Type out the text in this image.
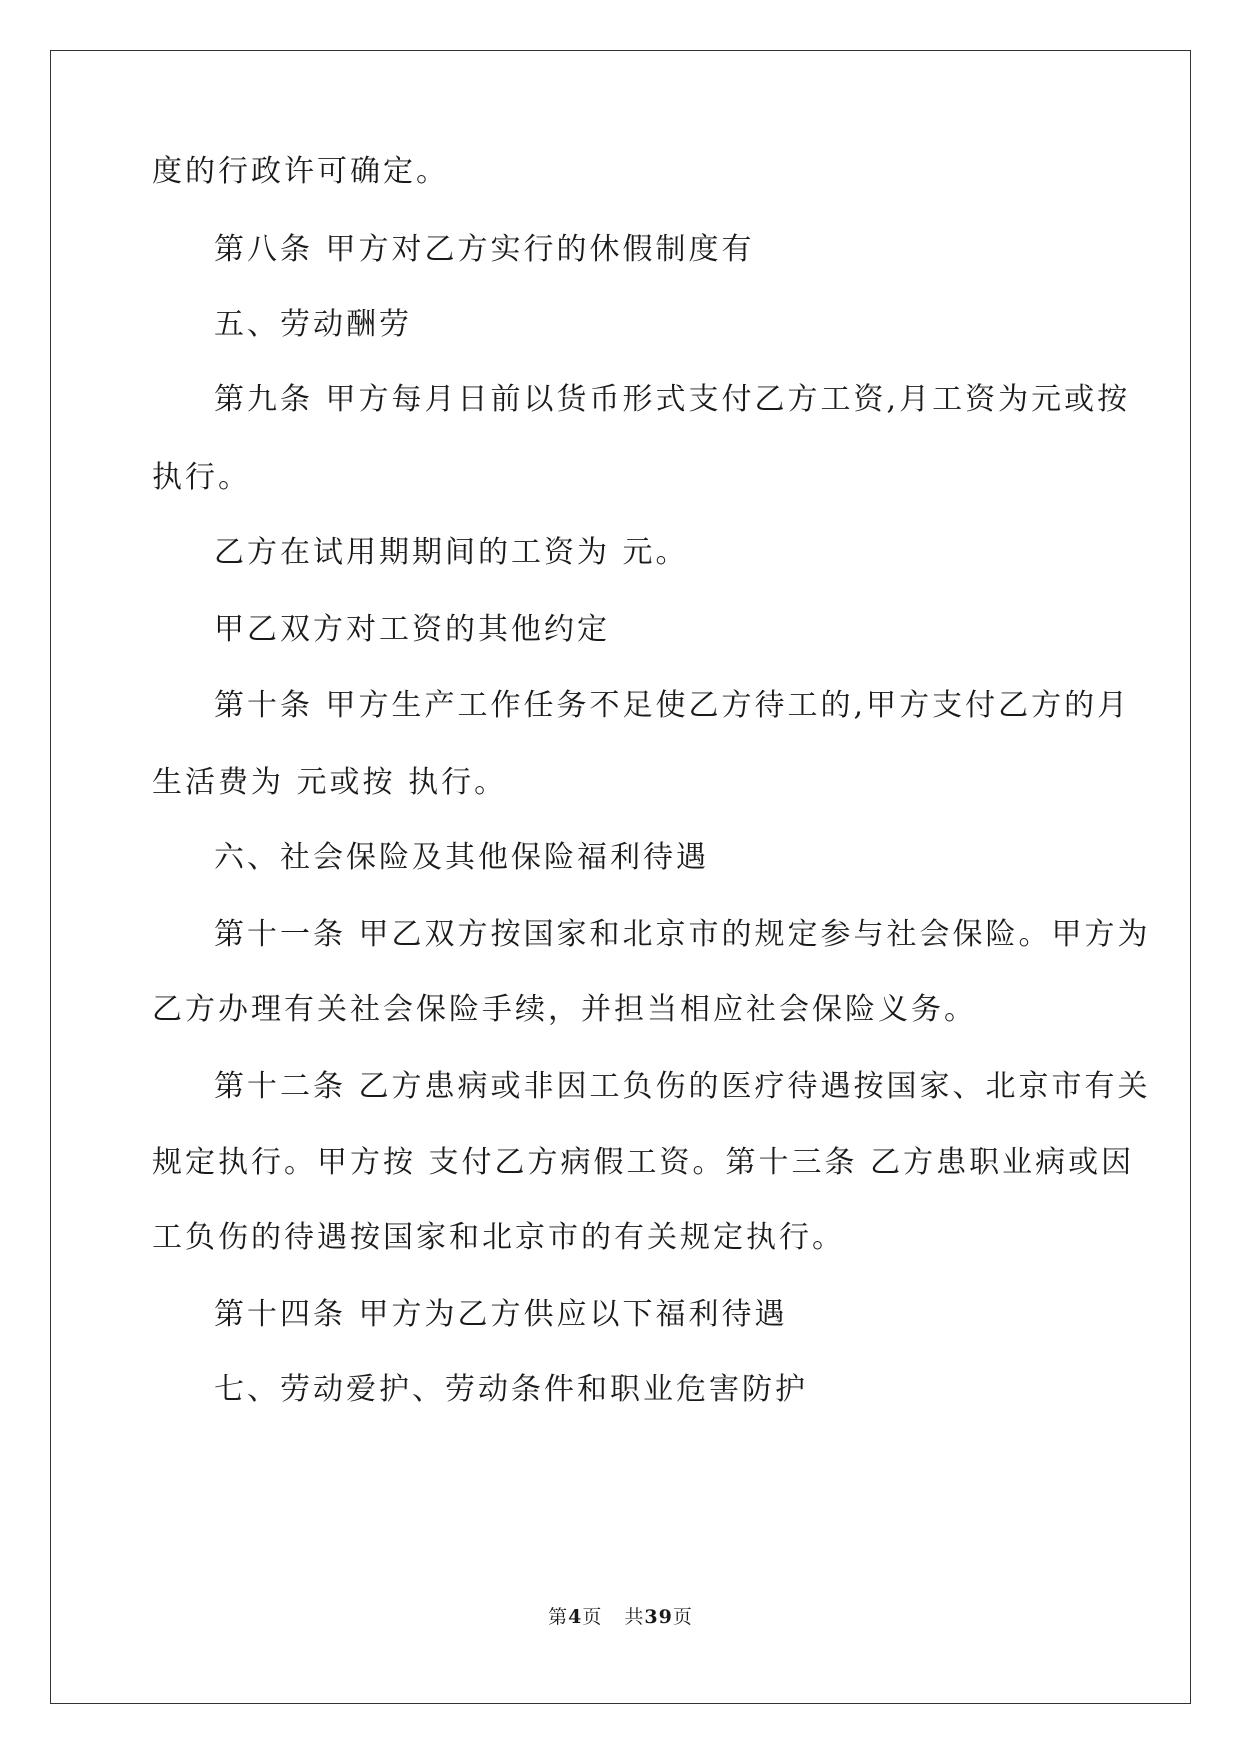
度的行政许可确定。
第八条 甲方对乙方实行的休假制度有
五、劳动酬劳
第九条 甲方每月日前以货币形式支付乙方工资,月工资为元或按
执行。
乙方在试用期期间的工资为 元。
甲乙双方对工资的其他约定
第十条 甲方生产工作任务不足使乙方待工的,甲方支付乙方的月
生活费为 元或按 执行。
六、社会保险及其他保险福利待遇
第十一条 甲乙双方按国家和北京市的规定参与社会保险。甲方为
乙方办理有关社会保险手续，并担当相应社会保险义务。
第十二条 乙方患病或非因工负伤的医疗待遇按国家、北京市有关
规定执行。甲方按 支付乙方病假工资。第十三条 乙方患职业病或因
工负伤的待遇按国家和北京市的有关规定执行。
第十四条 甲方为乙方供应以下福利待遇
七、劳动爱护、劳动条件和职业危害防护
第4页 共39页
